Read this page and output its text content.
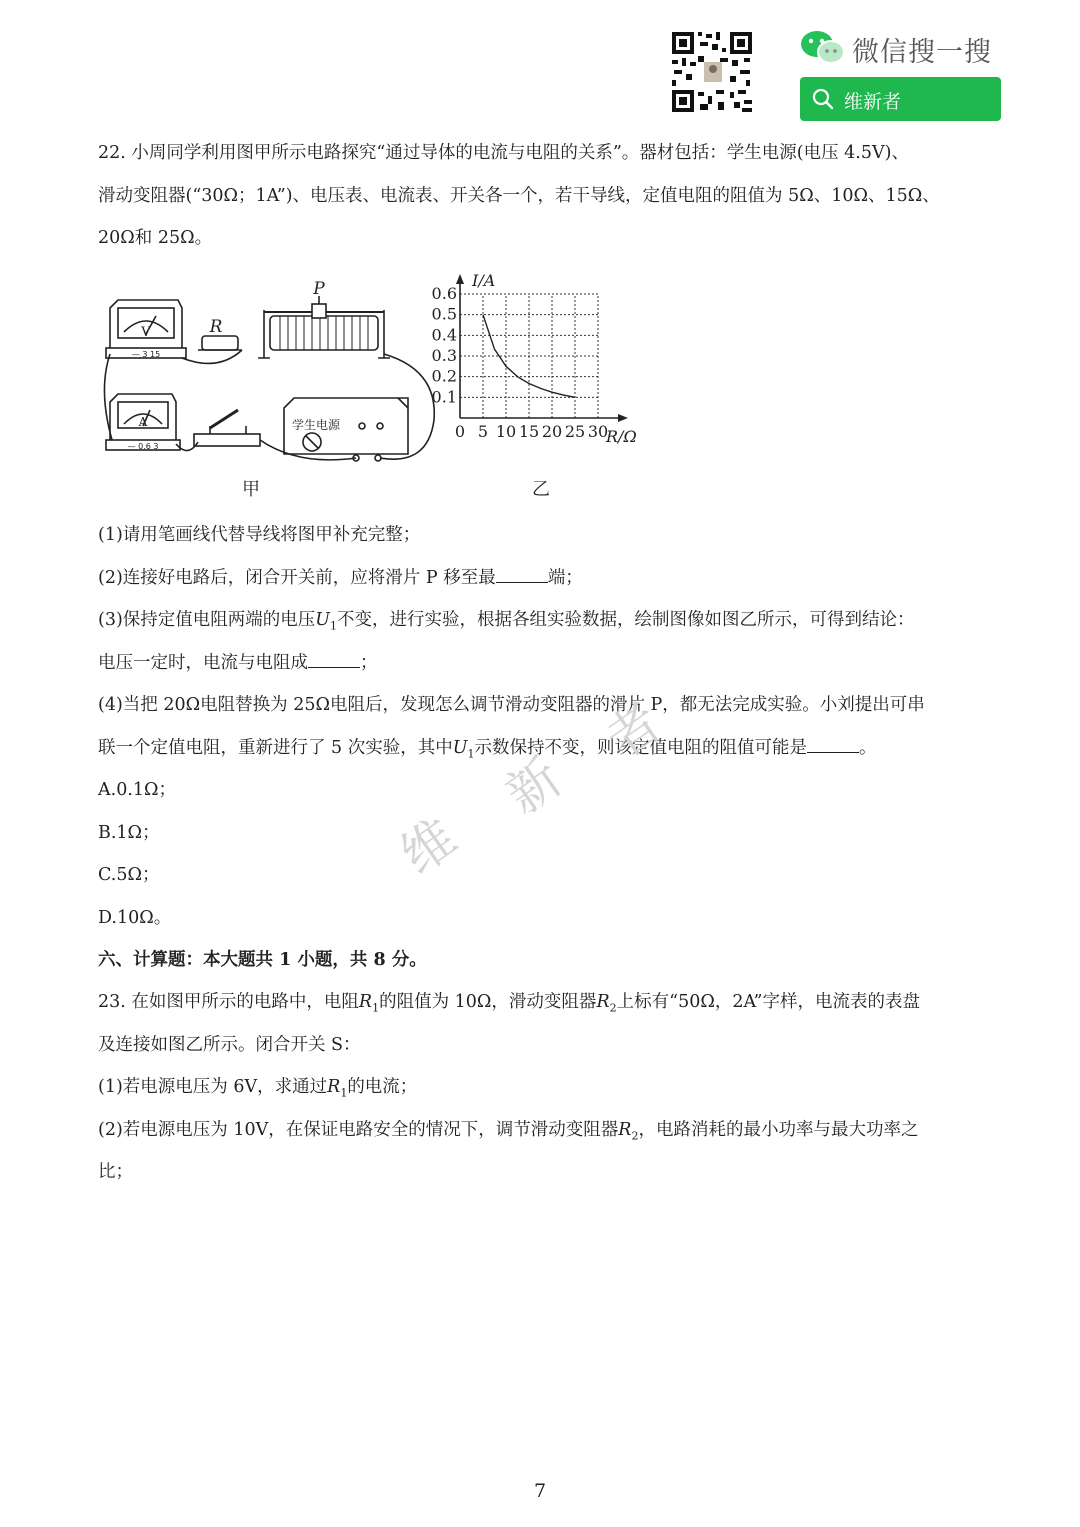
微信搜一搜
维新者
22. 小周同学利用图甲所示电路探究“通过导体的电流与电阻的关系”。器材包括：学生电源(电压 4.5V)、
滑动变阻器(“30Ω；1A”)、电压表、电流表、开关各一个，若干导线，定值电阻的阻值为 5Ω、10Ω、15Ω、
20Ω和 25Ω。
P
R
V
— 3 15
A
— 0.6 3
学生电源
甲
0 5 10 15 20 25 30
0.1
0.2
0.3
0.4
0.5
0.6
I/A
R/Ω
乙
(1)请用笔画线代替导线将图甲补充完整；
(2)连接好电路后，闭合开关前，应将滑片 P 移至最	端；
(3)保持定值电阻两端的电压$U_1$不变，进行实验，根据各组实验数据，绘制图像如图乙所示，可得到结论：
电压一定时，电流与电阻成	；
(4)当把 20Ω电阻替换为 25Ω电阻后，发现怎么调节滑动变阻器的滑片 P，都无法完成实验。小刘提出可串
联一个定值电阻，重新进行了 5 次实验，其中$U_1$示数保持不变，则该定值电阻的阻值可能是	。
A.0.1Ω；
B.1Ω；
C.5Ω；
D.10Ω。
六、计算题：本大题共 1 小题，共 8 分。
23. 在如图甲所示的电路中，电阻$R_1$的阻值为 10Ω，滑动变阻器$R_2$上标有“50Ω，2A”字样，电流表的表盘
及连接如图乙所示。闭合开关 S：
(1)若电源电压为 6V，求通过$R_1$的电流；
(2)若电源电压为 10V，在保证电路安全的情况下，调节滑动变阻器$R_2$，电路消耗的最小功率与最大功率之
比；
维
新
者
7
